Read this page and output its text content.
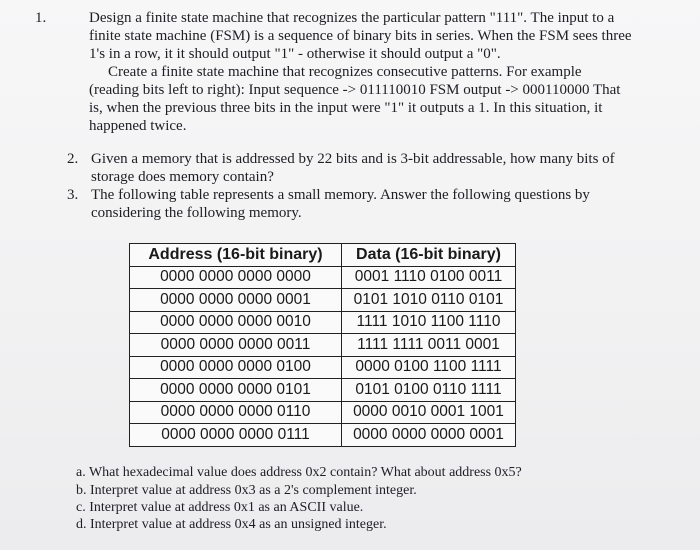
1.	Design a finite state machine that recognizes the particular pattern "111". The input to a
finite state machine (FSM) is a sequence of binary bits in series. When the FSM sees three
1's in a row, it it should output "1" - otherwise it should output a "0".
Create a finite state machine that recognizes consecutive patterns. For example
(reading bits left to right): Input sequence -> 011110010 FSM output -> 000110000 That
is, when the previous three bits in the input were "1" it outputs a 1. In this situation, it
happened twice.
2. Given a memory that is addressed by 22 bits and is 3-bit addressable, how many bits of
storage does memory contain?
3. The following table represents a small memory. Answer the following questions by
considering the following memory.
Address (16-bit binary)	Data (16-bit binary)
0000 0000 0000 0000	0001 1110 0100 0011
0000 0000 0000 0001	0101 1010 0110 0101
0000 0000 0000 0010	1111 1010 1100 1110
0000 0000 0000 0011	1111 1111 0011 0001
0000 0000 0000 0100	0000 0100 1100 1111
0000 0000 0000 0101	0101 0100 0110 1111
0000 0000 0000 0110	0000 0010 0001 1001
0000 0000 0000 0111	0000 0000 0000 0001
a. What hexadecimal value does address 0x2 contain? What about address 0x5?
b. Interpret value at address 0x3 as a 2's complement integer.
c. Interpret value at address 0x1 as an ASCII value.
d. Interpret value at address 0x4 as an unsigned integer.
